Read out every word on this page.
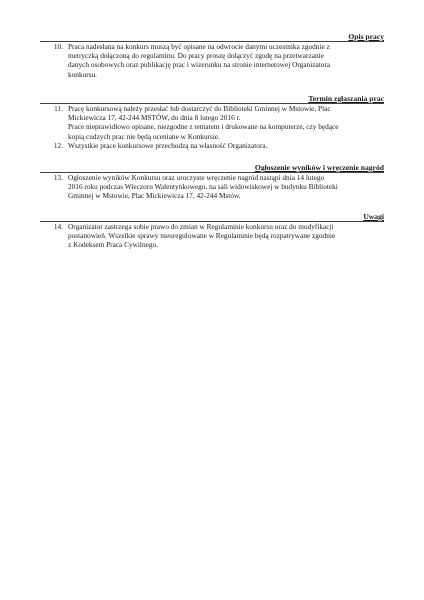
Opis pracy
10. Praca nadesłana na konkurs muszą być opisane na odwrocie danymi uczestnika zgodnie z
metryczką dołączoną do regulaminu. Do pracy proszę dołączyć zgodę na przetwarzanie
danych osobowych oraz publikację prac i wizerunku na stronie internetowej Organizatora
konkursu.
Termin zgłaszania prac
11. Pracę konkursową należy przesłać lub dostarczyć do Biblioteki Gminnej w Mstowie, Plac
Mickiewicza 17, 42-244 MSTÓW, do dnia 8 lutego 2016 r.
Prace nieprawidłowo opisane, niezgodne z tematem i drukowane na komputerze, czy będące
kopią cudzych prac nie będą oceniane w Konkursie.
12. Wszystkie prace konkursowe przechodzą na własność Organizatora.
Ogłoszenie wyników i wręczenie nagród
13. Ogłoszenie wyników Konkursu oraz uroczyste wręczenie nagród nastąpi dnia 14 lutego
2016 roku podczas Wieczoru Walentynkowego, na sali widowiskowej w budynku Biblioteki
Gminnej w Mstowie, Plac Mickiewicza 17, 42-244 Mstów.
Uwagi
14. Organizator zastrzega sobie prawo do zmian w Regulaminie konkursu oraz do modyfikacji
postanowień. Wszelkie sprawy nieuregulowane w Regulaminie będą rozpatrywane zgodnie
z Kodeksem Praca Cywilnego.
